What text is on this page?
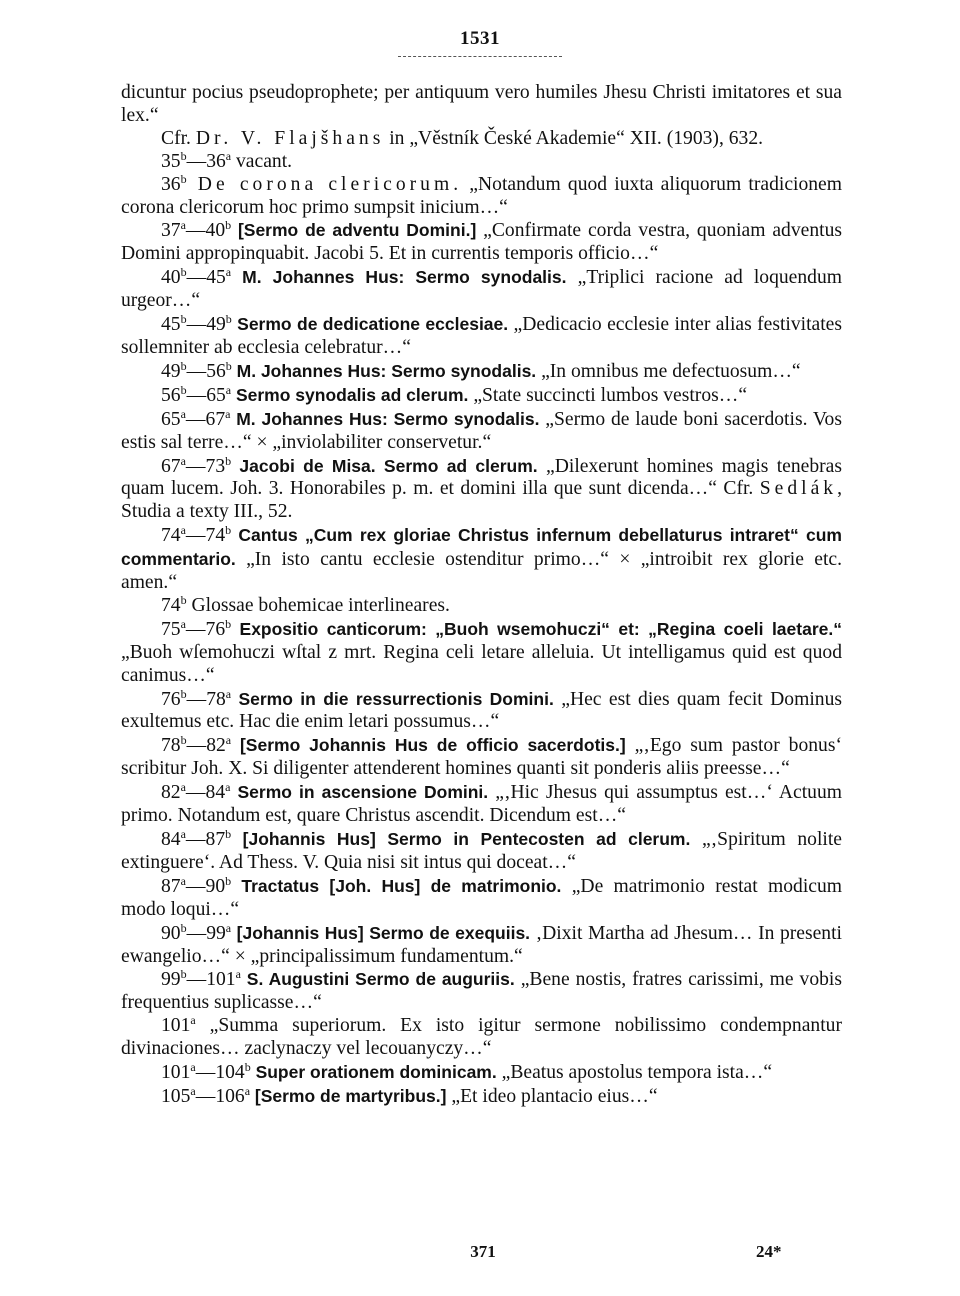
1531

dicuntur pocius pseudoprophete; per antiquum vero humiles Jhesu Christi imitatores et sua lex.“

Cfr. Dr. V. Flajšhans in „Věstník České Akademie“ XII. (1903), 632.

35$^b$—36$^a$ vacant.

36$^b$ De corona clericorum. „Notandum quod iuxta aliquorum tradicionem corona clericorum hoc primo sumpsit inicium…“

37$^a$—40$^b$ [Sermo de adventu Domini.] „Confirmate corda vestra, quoniam adventus Domini appropinquabit. Jacobi 5. Et in currentis temporis officio…“

40$^b$—45$^a$ M. Johannes Hus: Sermo synodalis. „Triplici racione ad loquendum urgeor…“

45$^b$—49$^b$ Sermo de dedicatione ecclesiae. „Dedicacio ecclesie inter alias festivitates sollemniter ab ecclesia celebratur…“

49$^b$—56$^b$ M. Johannes Hus: Sermo synodalis. „In omnibus me defectuosum…“

56$^b$—65$^a$ Sermo synodalis ad clerum. „State succincti lumbos vestros…“

65$^a$—67$^a$ M. Johannes Hus: Sermo synodalis. „Sermo de laude boni sacerdotis. Vos estis sal terre…“ × „inviolabiliter conservetur.“

67$^a$—73$^b$ Jacobi de Misa. Sermo ad clerum. „Dilexerunt homines magis tenebras quam lucem. Joh. 3. Honorabiles p. m. et domini illa que sunt dicenda…“ Cfr. Sedlák, Studia a texty III., 52.

74$^a$—74$^b$ Cantus „Cum rex gloriae Christus infernum debellaturus intraret“ cum commentario. „In isto cantu ecclesie ostenditur primo…“ × „introibit rex glorie etc. amen.“

74$^b$ Glossae bohemicae interlineares.

75$^a$—76$^b$ Expositio canticorum: „Buoh wsemohuczi“ et: „Regina coeli laetare.“ „Buoh wſemohuczi wſtal z mrt. Regina celi letare alleluia. Ut intelligamus quid est quod canimus…“

76$^b$—78$^a$ Sermo in die ressurrectionis Domini. „Hec est dies quam fecit Dominus exultemus etc. Hac die enim letari possumus…“

78$^b$—82$^a$ [Sermo Johannis Hus de officio sacerdotis.] „‚Ego sum pastor bonus‘ scribitur Joh. X. Si diligenter attenderent homines quanti sit ponderis aliis preesse…“

82$^a$—84$^a$ Sermo in ascensione Domini. „‚Hic Jhesus qui assumptus est…‘ Actuum primo. Notandum est, quare Christus ascendit. Dicendum est…“

84$^a$—87$^b$ [Johannis Hus] Sermo in Pentecosten ad clerum. „‚Spiritum nolite extinguere‘. Ad Thess. V. Quia nisi sit intus qui doceat…“

87$^a$—90$^b$ Tractatus [Joh. Hus] de matrimonio. „De matrimonio restat modicum modo loqui…“

90$^b$—99$^a$ [Johannis Hus] Sermo de exequiis. ‚Dixit Martha ad Jhesum… In presenti ewangelio…“ × „principalissimum fundamentum.“

99$^b$—101$^a$ S. Augustini Sermo de auguriis. „Bene nostis, fratres carissimi, me vobis frequentius suplicasse…“

101$^a$ „Summa superiorum. Ex isto igitur sermone nobilissimo condempnantur divinaciones… zaclynaczy vel lecouanyczy…“

101$^a$—104$^b$ Super orationem dominicam. „Beatus apostolus tempora ista…“

105$^a$—106$^a$ [Sermo de martyribus.] „Et ideo plantacio eius…“

371	24*
